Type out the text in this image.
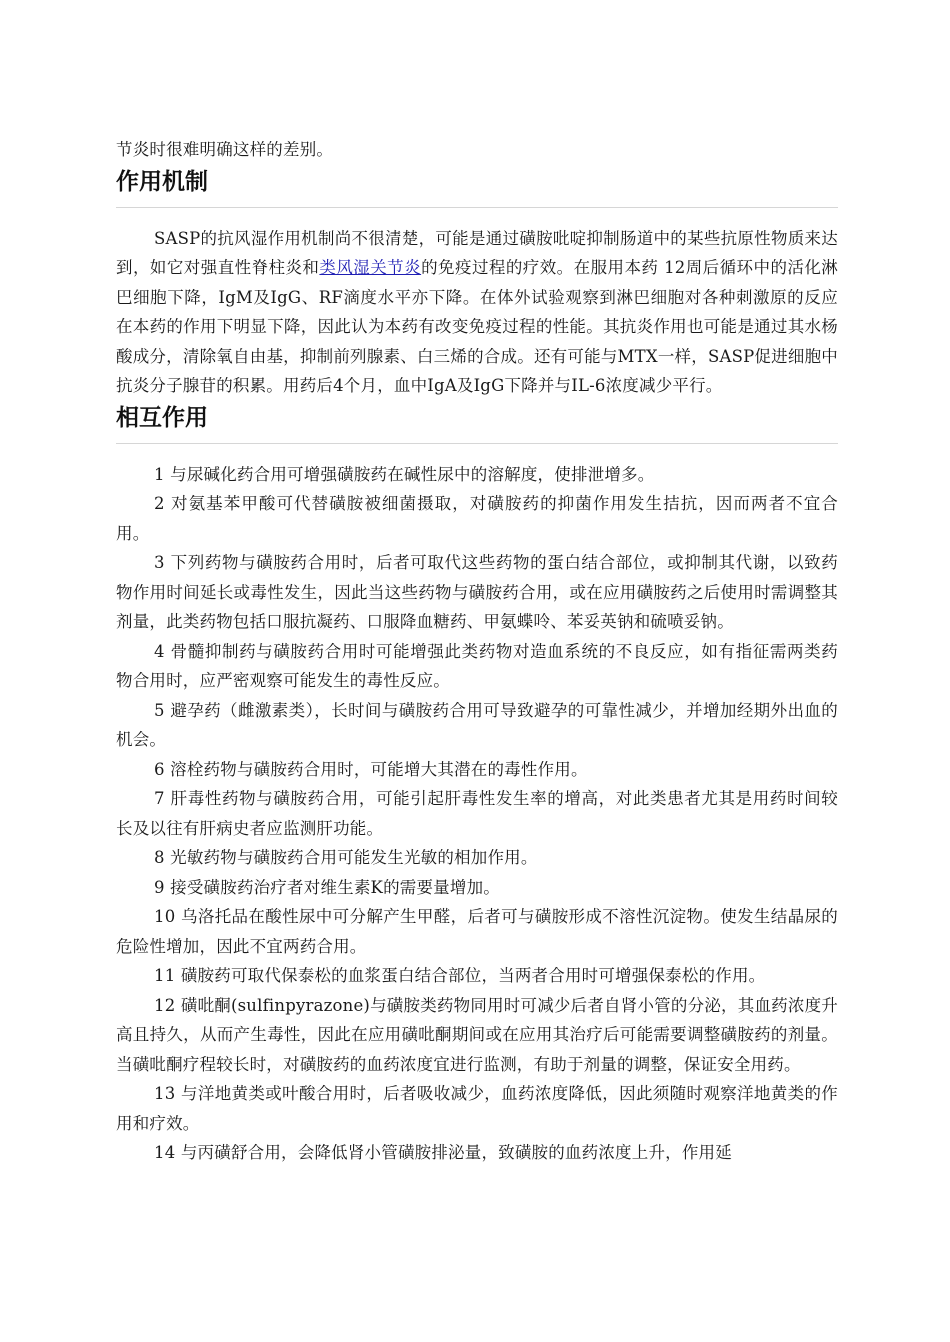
节炎时很难明确这样的差别。

作用机制

SASP的抗风湿作用机制尚不很清楚，可能是通过磺胺吡啶抑制肠道中的某些抗原性物质来达到，如它对强直性脊柱炎和类风湿关节炎的免疫过程的疗效。在服用本药 12周后循环中的活化淋巴细胞下降，IgM及IgG、RF滴度水平亦下降。在体外试验观察到淋巴细胞对各种刺激原的反应在本药的作用下明显下降，因此认为本药有改变免疫过程的性能。其抗炎作用也可能是通过其水杨酸成分，清除氧自由基，抑制前列腺素、白三烯的合成。还有可能与MTX一样，SASP促进细胞中抗炎分子腺苷的积累。用药后4个月，血中IgA及IgG下降并与IL-6浓度减少平行。

相互作用

1 与尿碱化药合用可增强磺胺药在碱性尿中的溶解度，使排泄增多。

2 对氨基苯甲酸可代替磺胺被细菌摄取，对磺胺药的抑菌作用发生拮抗，因而两者不宜合用。

3 下列药物与磺胺药合用时，后者可取代这些药物的蛋白结合部位，或抑制其代谢，以致药物作用时间延长或毒性发生，因此当这些药物与磺胺药合用，或在应用磺胺药之后使用时需调整其剂量，此类药物包括口服抗凝药、口服降血糖药、甲氨蝶呤、苯妥英钠和硫喷妥钠。

4 骨髓抑制药与磺胺药合用时可能增强此类药物对造血系统的不良反应，如有指征需两类药物合用时，应严密观察可能发生的毒性反应。

5 避孕药（雌激素类），长时间与磺胺药合用可导致避孕的可靠性减少，并增加经期外出血的机会。

6 溶栓药物与磺胺药合用时，可能增大其潜在的毒性作用。

7 肝毒性药物与磺胺药合用，可能引起肝毒性发生率的增高，对此类患者尤其是用药时间较长及以往有肝病史者应监测肝功能。

8 光敏药物与磺胺药合用可能发生光敏的相加作用。

9 接受磺胺药治疗者对维生素K的需要量增加。

10 乌洛托品在酸性尿中可分解产生甲醛，后者可与磺胺形成不溶性沉淀物。使发生结晶尿的危险性增加，因此不宜两药合用。

11 磺胺药可取代保泰松的血浆蛋白结合部位，当两者合用时可增强保泰松的作用。

12 磺吡酮(sulfinpyrazone)与磺胺类药物同用时可减少后者自肾小管的分泌，其血药浓度升高且持久，从而产生毒性，因此在应用磺吡酮期间或在应用其治疗后可能需要调整磺胺药的剂量。当磺吡酮疗程较长时，对磺胺药的血药浓度宜进行监测，有助于剂量的调整，保证安全用药。

13 与洋地黄类或叶酸合用时，后者吸收减少，血药浓度降低，因此须随时观察洋地黄类的作用和疗效。

14 与丙磺舒合用，会降低肾小管磺胺排泌量，致磺胺的血药浓度上升，作用延
